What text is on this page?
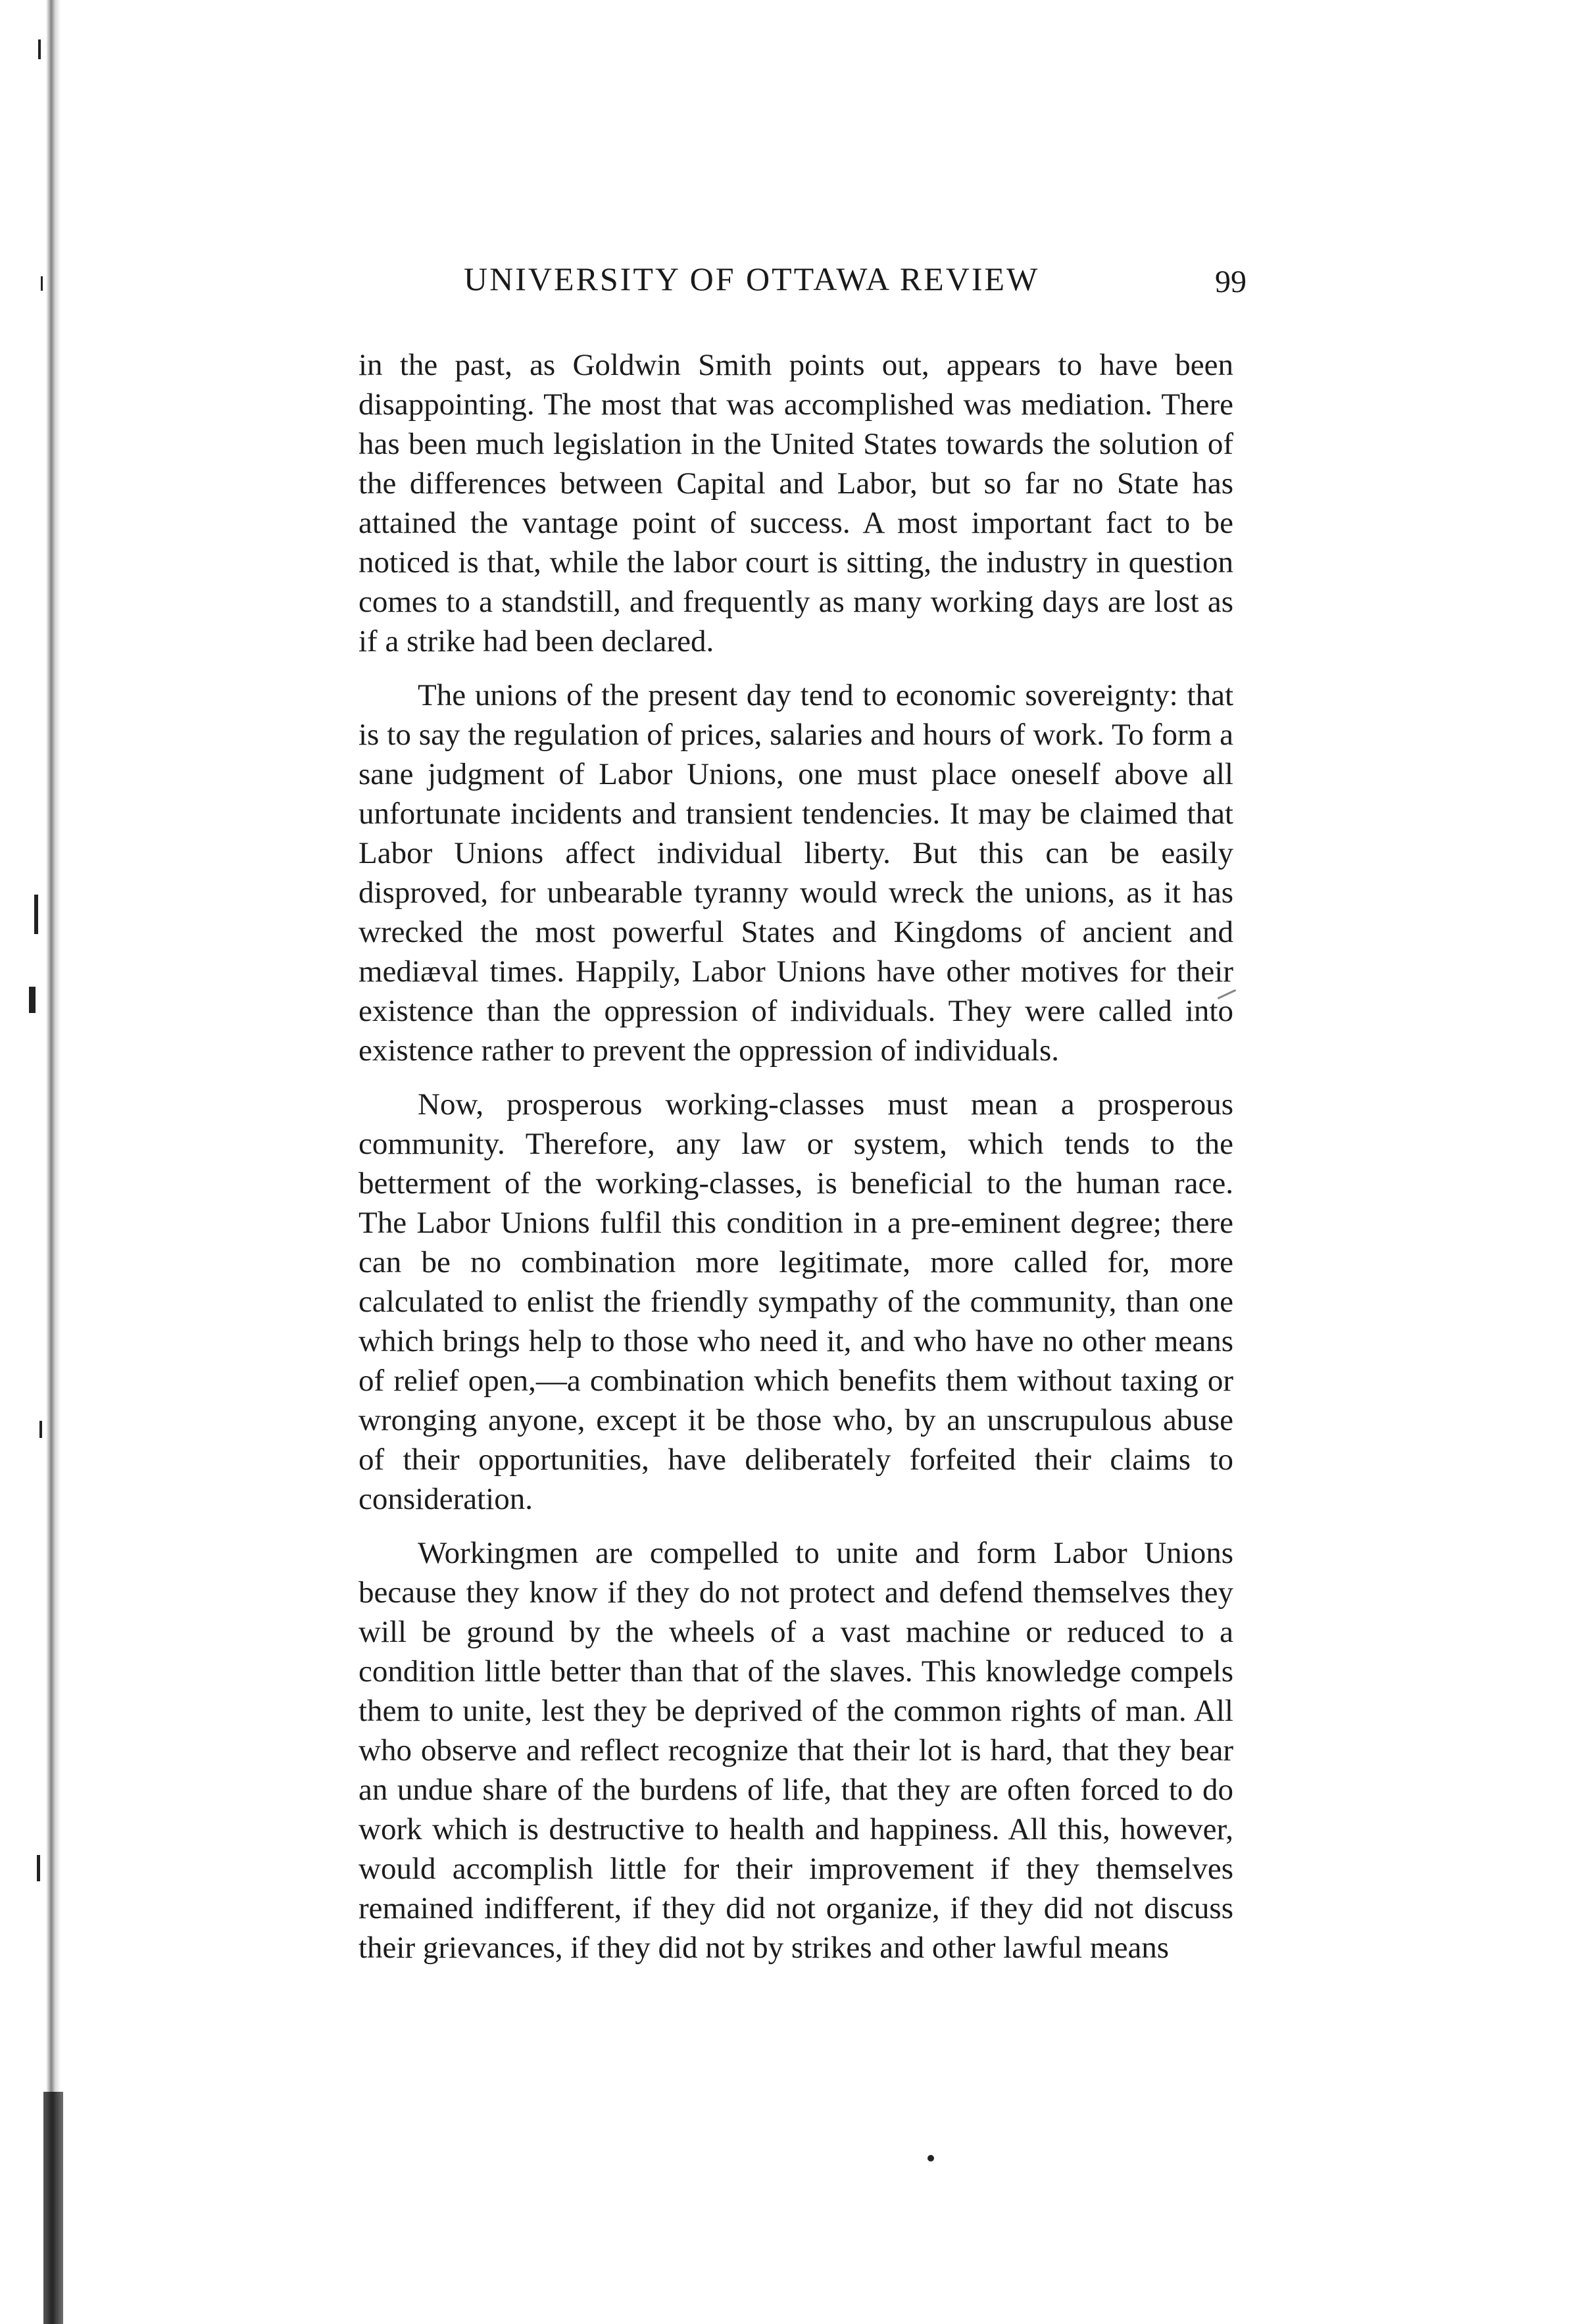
UNIVERSITY OF OTTAWA REVIEW	99

in the past, as Goldwin Smith points out, appears to have been disappointing. The most that was accomplished was mediation. There has been much legislation in the United States towards the solution of the differences between Capital and Labor, but so far no State has attained the vantage point of success. A most important fact to be noticed is that, while the labor court is sitting, the industry in question comes to a standstill, and frequently as many working days are lost as if a strike had been declared.

The unions of the present day tend to economic sovereignty: that is to say the regulation of prices, salaries and hours of work. To form a sane judgment of Labor Unions, one must place oneself above all unfortunate incidents and transient tendencies. It may be claimed that Labor Unions affect individual liberty. But this can be easily disproved, for unbearable tyranny would wreck the unions, as it has wrecked the most powerful States and Kingdoms of ancient and mediæval times. Happily, Labor Unions have other motives for their existence than the oppression of individuals. They were called into existence rather to prevent the oppression of individuals.

Now, prosperous working-classes must mean a prosperous community. Therefore, any law or system, which tends to the betterment of the working-classes, is beneficial to the human race. The Labor Unions fulfil this condition in a pre-eminent degree; there can be no combination more legitimate, more called for, more calculated to enlist the friendly sympathy of the community, than one which brings help to those who need it, and who have no other means of relief open,—a combination which benefits them without taxing or wronging anyone, except it be those who, by an unscrupulous abuse of their opportunities, have deliberately forfeited their claims to consideration.

Workingmen are compelled to unite and form Labor Unions because they know if they do not protect and defend themselves they will be ground by the wheels of a vast machine or reduced to a condition little better than that of the slaves. This knowledge compels them to unite, lest they be deprived of the common rights of man. All who observe and reflect recognize that their lot is hard, that they bear an undue share of the burdens of life, that they are often forced to do work which is destructive to health and happiness. All this, however, would accomplish little for their improvement if they themselves remained indifferent, if they did not organize, if they did not discuss their grievances, if they did not by strikes and other lawful means
